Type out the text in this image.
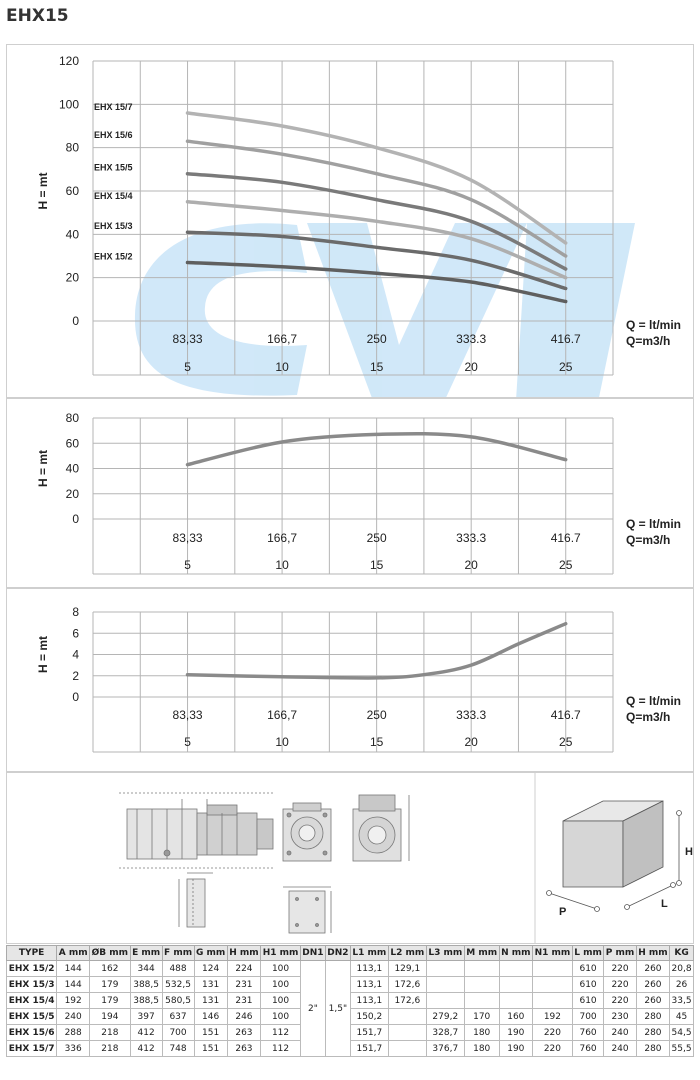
EHX15
0
20
40
60
80
100
120
H = mt
83,33	166,7	250	333.3	416.7
5	10	15	20	25
Q = lt/min
Q=m3/h
EHX 15/7
EHX 15/6
EHX 15/5
EHX 15/4
EHX 15/3
EHX 15/2
0
20
40
60
80
H = mt
83,33	166,7	250	333.3	416.7
5	10	15	20	25
Q = lt/min
Q=m3/h
0
2
4
6
8
H = mt
83,33	166,7	250	333.3	416.7
5	10	15	20	25
Q = lt/min
Q=m3/h
H
L
P
TYPE	A mm	ØB mm	E mm	F mm	G mm	H mm	H1 mm	DN1	DN2	L1 mm	L2 mm	L3 mm	M mm	N mm	N1 mm	L mm	P mm	H mm	KG
EHX 15/2	144	162	344	488	124	224	100	2"	1,5"	113,1	129,1					610	220	260	20,8
EHX 15/3	144	179	388,5	532,5	131	231	100			113,1	172,6					610	220	260	26
EHX 15/4	192	179	388,5	580,5	131	231	100			113,1	172,6					610	220	260	33,5
EHX 15/5	240	194	397	637	146	246	100			150,2		279,2	170	160	192	700	230	280	45
EHX 15/6	288	218	412	700	151	263	112			151,7		328,7	180	190	220	760	240	280	54,5
EHX 15/7	336	218	412	748	151	263	112			151,7		376,7	180	190	220	760	240	280	55,5
